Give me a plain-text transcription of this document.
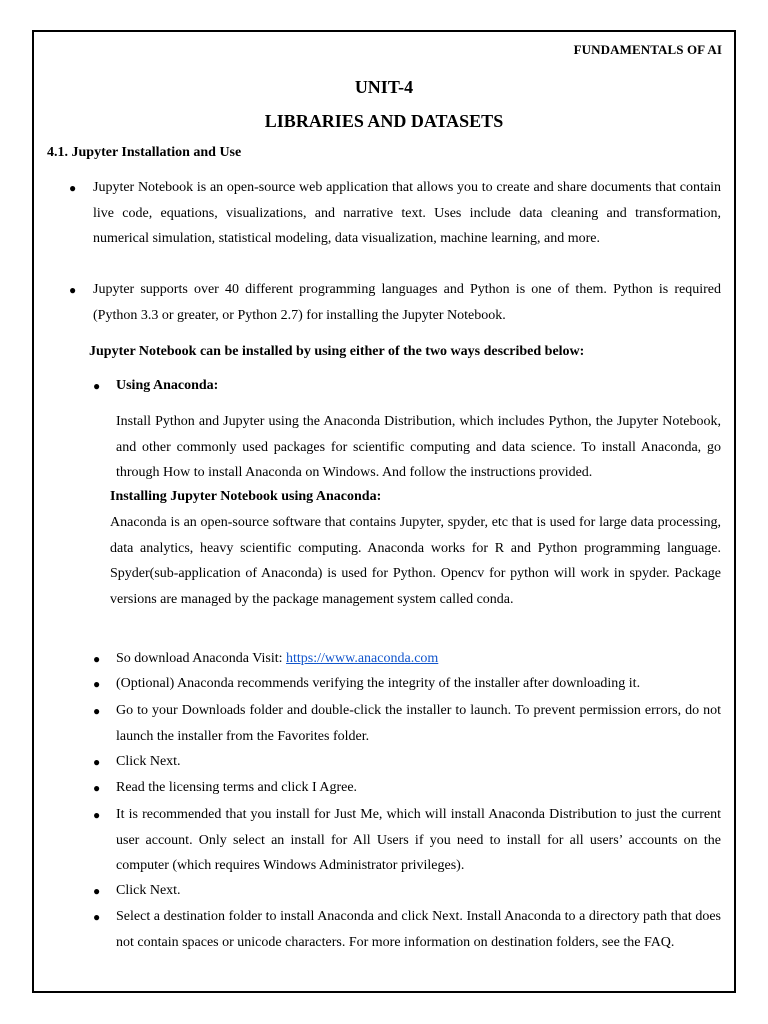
FUNDAMENTALS OF AI
UNIT-4
LIBRARIES AND DATASETS
4.1. Jupyter Installation and Use
● Jupyter Notebook is an open-source web application that allows you to create and share documents that contain live code, equations, visualizations, and narrative text. Uses include data cleaning and transformation, numerical simulation, statistical modeling, data visualization, machine learning, and more.
● Jupyter supports over 40 different programming languages and Python is one of them. Python is required (Python 3.3 or greater, or Python 2.7) for installing the Jupyter Notebook.
Jupyter Notebook can be installed by using either of the two ways described below:
● Using Anaconda:
Install Python and Jupyter using the Anaconda Distribution, which includes Python, the Jupyter Notebook, and other commonly used packages for scientific computing and data science. To install Anaconda, go through How to install Anaconda on Windows. And follow the instructions provided.
Installing Jupyter Notebook using Anaconda:
Anaconda is an open-source software that contains Jupyter, spyder, etc that is used for large data processing, data analytics, heavy scientific computing. Anaconda works for R and Python programming language. Spyder(sub-application of Anaconda) is used for Python. Opencv for python will work in spyder. Package versions are managed by the package management system called conda.
● So download Anaconda Visit: https://www.anaconda.com
● (Optional) Anaconda recommends verifying the integrity of the installer after downloading it.
● Go to your Downloads folder and double-click the installer to launch. To prevent permission errors, do not launch the installer from the Favorites folder.
● Click Next.
● Read the licensing terms and click I Agree.
● It is recommended that you install for Just Me, which will install Anaconda Distribution to just the current user account. Only select an install for All Users if you need to install for all users’ accounts on the computer (which requires Windows Administrator privileges).
● Click Next.
● Select a destination folder to install Anaconda and click Next. Install Anaconda to a directory path that does not contain spaces or unicode characters. For more information on destination folders, see the FAQ.
